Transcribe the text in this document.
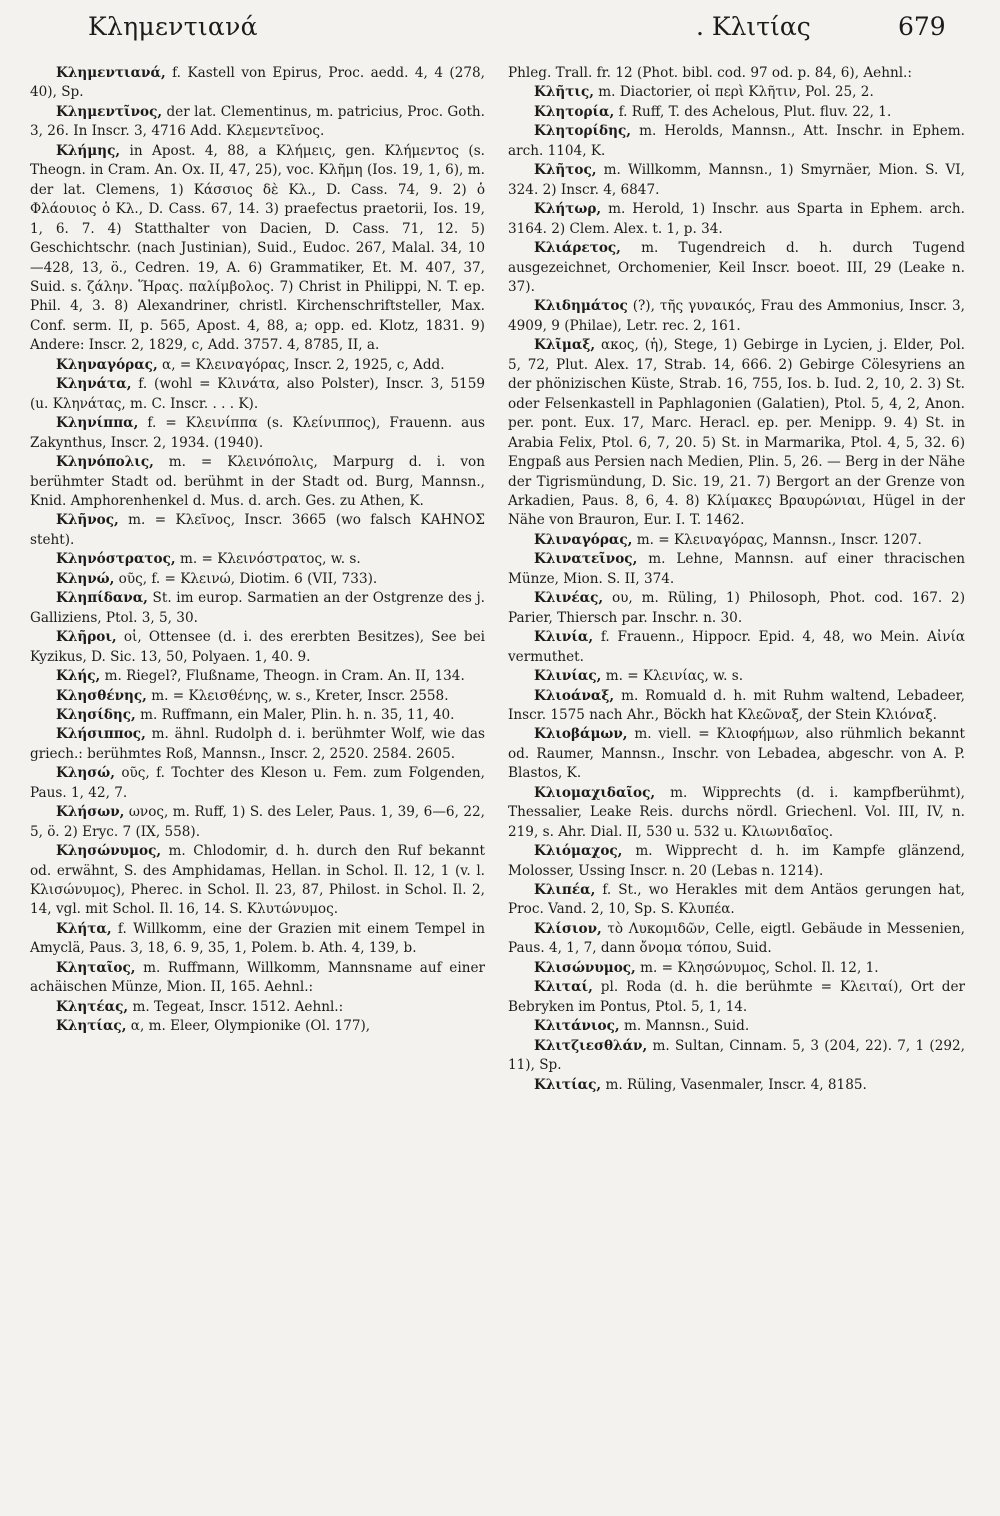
Κλημεντιανά	. Κλιτίας	679

Κλημεντιανά, f. Kastell von Epirus, Proc. aedd. 4, 4 (278, 40), Sp.

Κλημεντῖνος, der lat. Clementinus, m. patricius, Proc. Goth. 3, 26. In Inscr. 3, 4716 Add. Κλεμεντεῖνος.

Κλήμης, in Apost. 4, 88, a Κλήμεις, gen. Κλήμεντος (s. Theogn. in Cram. An. Ox. II, 47, 25), voc. Κλῆμη (Ios. 19, 1, 6), m. der lat. Clemens, 1) Κάσσιος δὲ Κλ., D. Cass. 74, 9. 2) ὁ Φλάουιος ὁ Κλ., D. Cass. 67, 14. 3) praefectus praetorii, Ios. 19, 1, 6. 7. 4) Statthalter von Dacien, D. Cass. 71, 12. 5) Geschichtschr. (nach Justinian), Suid., Eudoc. 267, Malal. 34, 10—428, 13, ö., Cedren. 19, A. 6) Grammatiker, Et. M. 407, 37, Suid. s. ζάλην. Ἥρας. παλίμβολος. 7) Christ in Philippi, N. T. ep. Phil. 4, 3. 8) Alexandriner, christl. Kirchenschriftsteller, Max. Conf. serm. II, p. 565, Apost. 4, 88, a; opp. ed. Klotz, 1831. 9) Andere: Inscr. 2, 1829, c, Add. 3757. 4, 8785, II, a.

Κληναγόρας, α, = Κλειναγόρας, Inscr. 2, 1925, c, Add.

Κληνάτα, f. (wohl = Κλινάτα, also Polster), Inscr. 3, 5159 (u. Κληνάτας, m. C. Inscr. . . . K).

Κληνίππα, f. = Κλεινίππα (s. Κλείνιππος), Frauenn. aus Zakynthus, Inscr. 2, 1934. (1940).

Κληνόπολις, m. = Κλεινόπολις, Marpurg d. i. von berühmter Stadt od. berühmt in der Stadt od. Burg, Mannsn., Knid. Amphorenhenkel d. Mus. d. arch. Ges. zu Athen, K.

Κλῆνος, m. = Κλεῖνος, Inscr. 3665 (wo falsch ΚΑΗΝΟΣ steht).

Κληνόστρατος, m. = Κλεινόστρατος, w. s.

Κληνώ, οῦς, f. = Κλεινώ, Diotim. 6 (VII, 733).

Κληπίδανα, St. im europ. Sarmatien an der Ostgrenze des j. Galliziens, Ptol. 3, 5, 30.

Κλῆροι, οἱ, Ottensee (d. i. des ererbten Besitzes), See bei Kyzikus, D. Sic. 13, 50, Polyaen. 1, 40. 9.

Κλής, m. Riegel?, Flußname, Theogn. in Cram. An. II, 134.

Κλησθένης, m. = Κλεισθένης, w. s., Kreter, Inscr. 2558.

Κλησίδης, m. Ruffmann, ein Maler, Plin. h. n. 35, 11, 40.

Κλήσιππος, m. ähnl. Rudolph d. i. berühmter Wolf, wie das griech.: berühmtes Roß, Mannsn., Inscr. 2, 2520. 2584. 2605.

Κλησώ, οῦς, f. Tochter des Kleson u. Fem. zum Folgenden, Paus. 1, 42, 7.

Κλήσων, ωνος, m. Ruff, 1) S. des Leler, Paus. 1, 39, 6—6, 22, 5, ö. 2) Eryc. 7 (IX, 558).

Κλησώνυμος, m. Chlodomir, d. h. durch den Ruf bekannt od. erwähnt, S. des Amphidamas, Hellan. in Schol. Il. 12, 1 (v. l. Κλισώνυμος), Pherec. in Schol. Il. 23, 87, Philost. in Schol. Il. 2, 14, vgl. mit Schol. Il. 16, 14. S. Κλυτώνυμος.

Κλήτα, f. Willkomm, eine der Grazien mit einem Tempel in Amyclä, Paus. 3, 18, 6. 9, 35, 1, Polem. b. Ath. 4, 139, b.

Κληταῖος, m. Ruffmann, Willkomm, Mannsname auf einer achäischen Münze, Mion. II, 165. Aehnl.:

Κλητέας, m. Tegeat, Inscr. 1512. Aehnl.:

Κλητίας, α, m. Eleer, Olympionike (Ol. 177),

Phleg. Trall. fr. 12 (Phot. bibl. cod. 97 od. p. 84, 6), Aehnl.:

Κλῆτις, m. Diactorier, οἱ περὶ Κλῆτιν, Pol. 25, 2.

Κλητορία, f. Ruff, T. des Achelous, Plut. fluv. 22, 1.

Κλητορίδης, m. Herolds, Mannsn., Att. Inschr. in Ephem. arch. 1104, K.

Κλῆτος, m. Willkomm, Mannsn., 1) Smyrnäer, Mion. S. VI, 324. 2) Inscr. 4, 6847.

Κλήτωρ, m. Herold, 1) Inschr. aus Sparta in Ephem. arch. 3164. 2) Clem. Alex. t. 1, p. 34.

Κλιάρετος, m. Tugendreich d. h. durch Tugend ausgezeichnet, Orchomenier, Keil Inscr. boeot. III, 29 (Leake n. 37).

Κλιδημάτος (?), τῆς γυναικός, Frau des Ammonius, Inscr. 3, 4909, 9 (Philae), Letr. rec. 2, 161.

Κλῖμαξ, ακος, (ἡ), Stege, 1) Gebirge in Lycien, j. Elder, Pol. 5, 72, Plut. Alex. 17, Strab. 14, 666. 2) Gebirge Cölesyriens an der phönizischen Küste, Strab. 16, 755, Ios. b. Iud. 2, 10, 2. 3) St. oder Felsenkastell in Paphlagonien (Galatien), Ptol. 5, 4, 2, Anon. per. pont. Eux. 17, Marc. Heracl. ep. per. Menipp. 9. 4) St. in Arabia Felix, Ptol. 6, 7, 20. 5) St. in Marmarika, Ptol. 4, 5, 32. 6) Engpaß aus Persien nach Medien, Plin. 5, 26. — Berg in der Nähe der Tigrismündung, D. Sic. 19, 21. 7) Bergort an der Grenze von Arkadien, Paus. 8, 6, 4. 8) Κλίμακες Βραυρώνιαι, Hügel in der Nähe von Brauron, Eur. I. T. 1462.

Κλιναγόρας, m. = Κλειναγόρας, Mannsn., Inscr. 1207.

Κλινατεῖνος, m. Lehne, Mannsn. auf einer thracischen Münze, Mion. S. II, 374.

Κλινέας, ου, m. Rüling, 1) Philosoph, Phot. cod. 167. 2) Parier, Thiersch par. Inschr. n. 30.

Κλινία, f. Frauenn., Hippocr. Epid. 4, 48, wo Mein. Αἰνία vermuthet.

Κλινίας, m. = Κλεινίας, w. s.

Κλιοάναξ, m. Romuald d. h. mit Ruhm waltend, Lebadeer, Inscr. 1575 nach Ahr., Böckh hat Κλεῶναξ, der Stein Κλιόναξ.

Κλιοβάμων, m. viell. = Κλιοφήμων, also rühmlich bekannt od. Raumer, Mannsn., Inschr. von Lebadea, abgeschr. von A. P. Blastos, K.

Κλιομαχιδαῖος, m. Wipprechts (d. i. kampfberühmt), Thessalier, Leake Reis. durchs nördl. Griechenl. Vol. III, IV, n. 219, s. Ahr. Dial. II, 530 u. 532 u. Κλιωνιδαῖος.

Κλιόμαχος, m. Wipprecht d. h. im Kampfe glänzend, Molosser, Ussing Inscr. n. 20 (Lebas n. 1214).

Κλιπέα, f. St., wo Herakles mit dem Antäos gerungen hat, Proc. Vand. 2, 10, Sp. S. Κλυπέα.

Κλίσιον, τὸ Λυκομιδῶν, Celle, eigtl. Gebäude in Messenien, Paus. 4, 1, 7, dann ὄνομα τόπου, Suid.

Κλισώνυμος, m. = Κλησώνυμος, Schol. Il. 12, 1.

Κλιταί, pl. Roda (d. h. die berühmte = Κλειταί), Ort der Bebryken im Pontus, Ptol. 5, 1, 14.

Κλιτάνιος, m. Mannsn., Suid.

Κλιτζιεσθλάν, m. Sultan, Cinnam. 5, 3 (204, 22). 7, 1 (292, 11), Sp.

Κλιτίας, m. Rüling, Vasenmaler, Inscr. 4, 8185.
